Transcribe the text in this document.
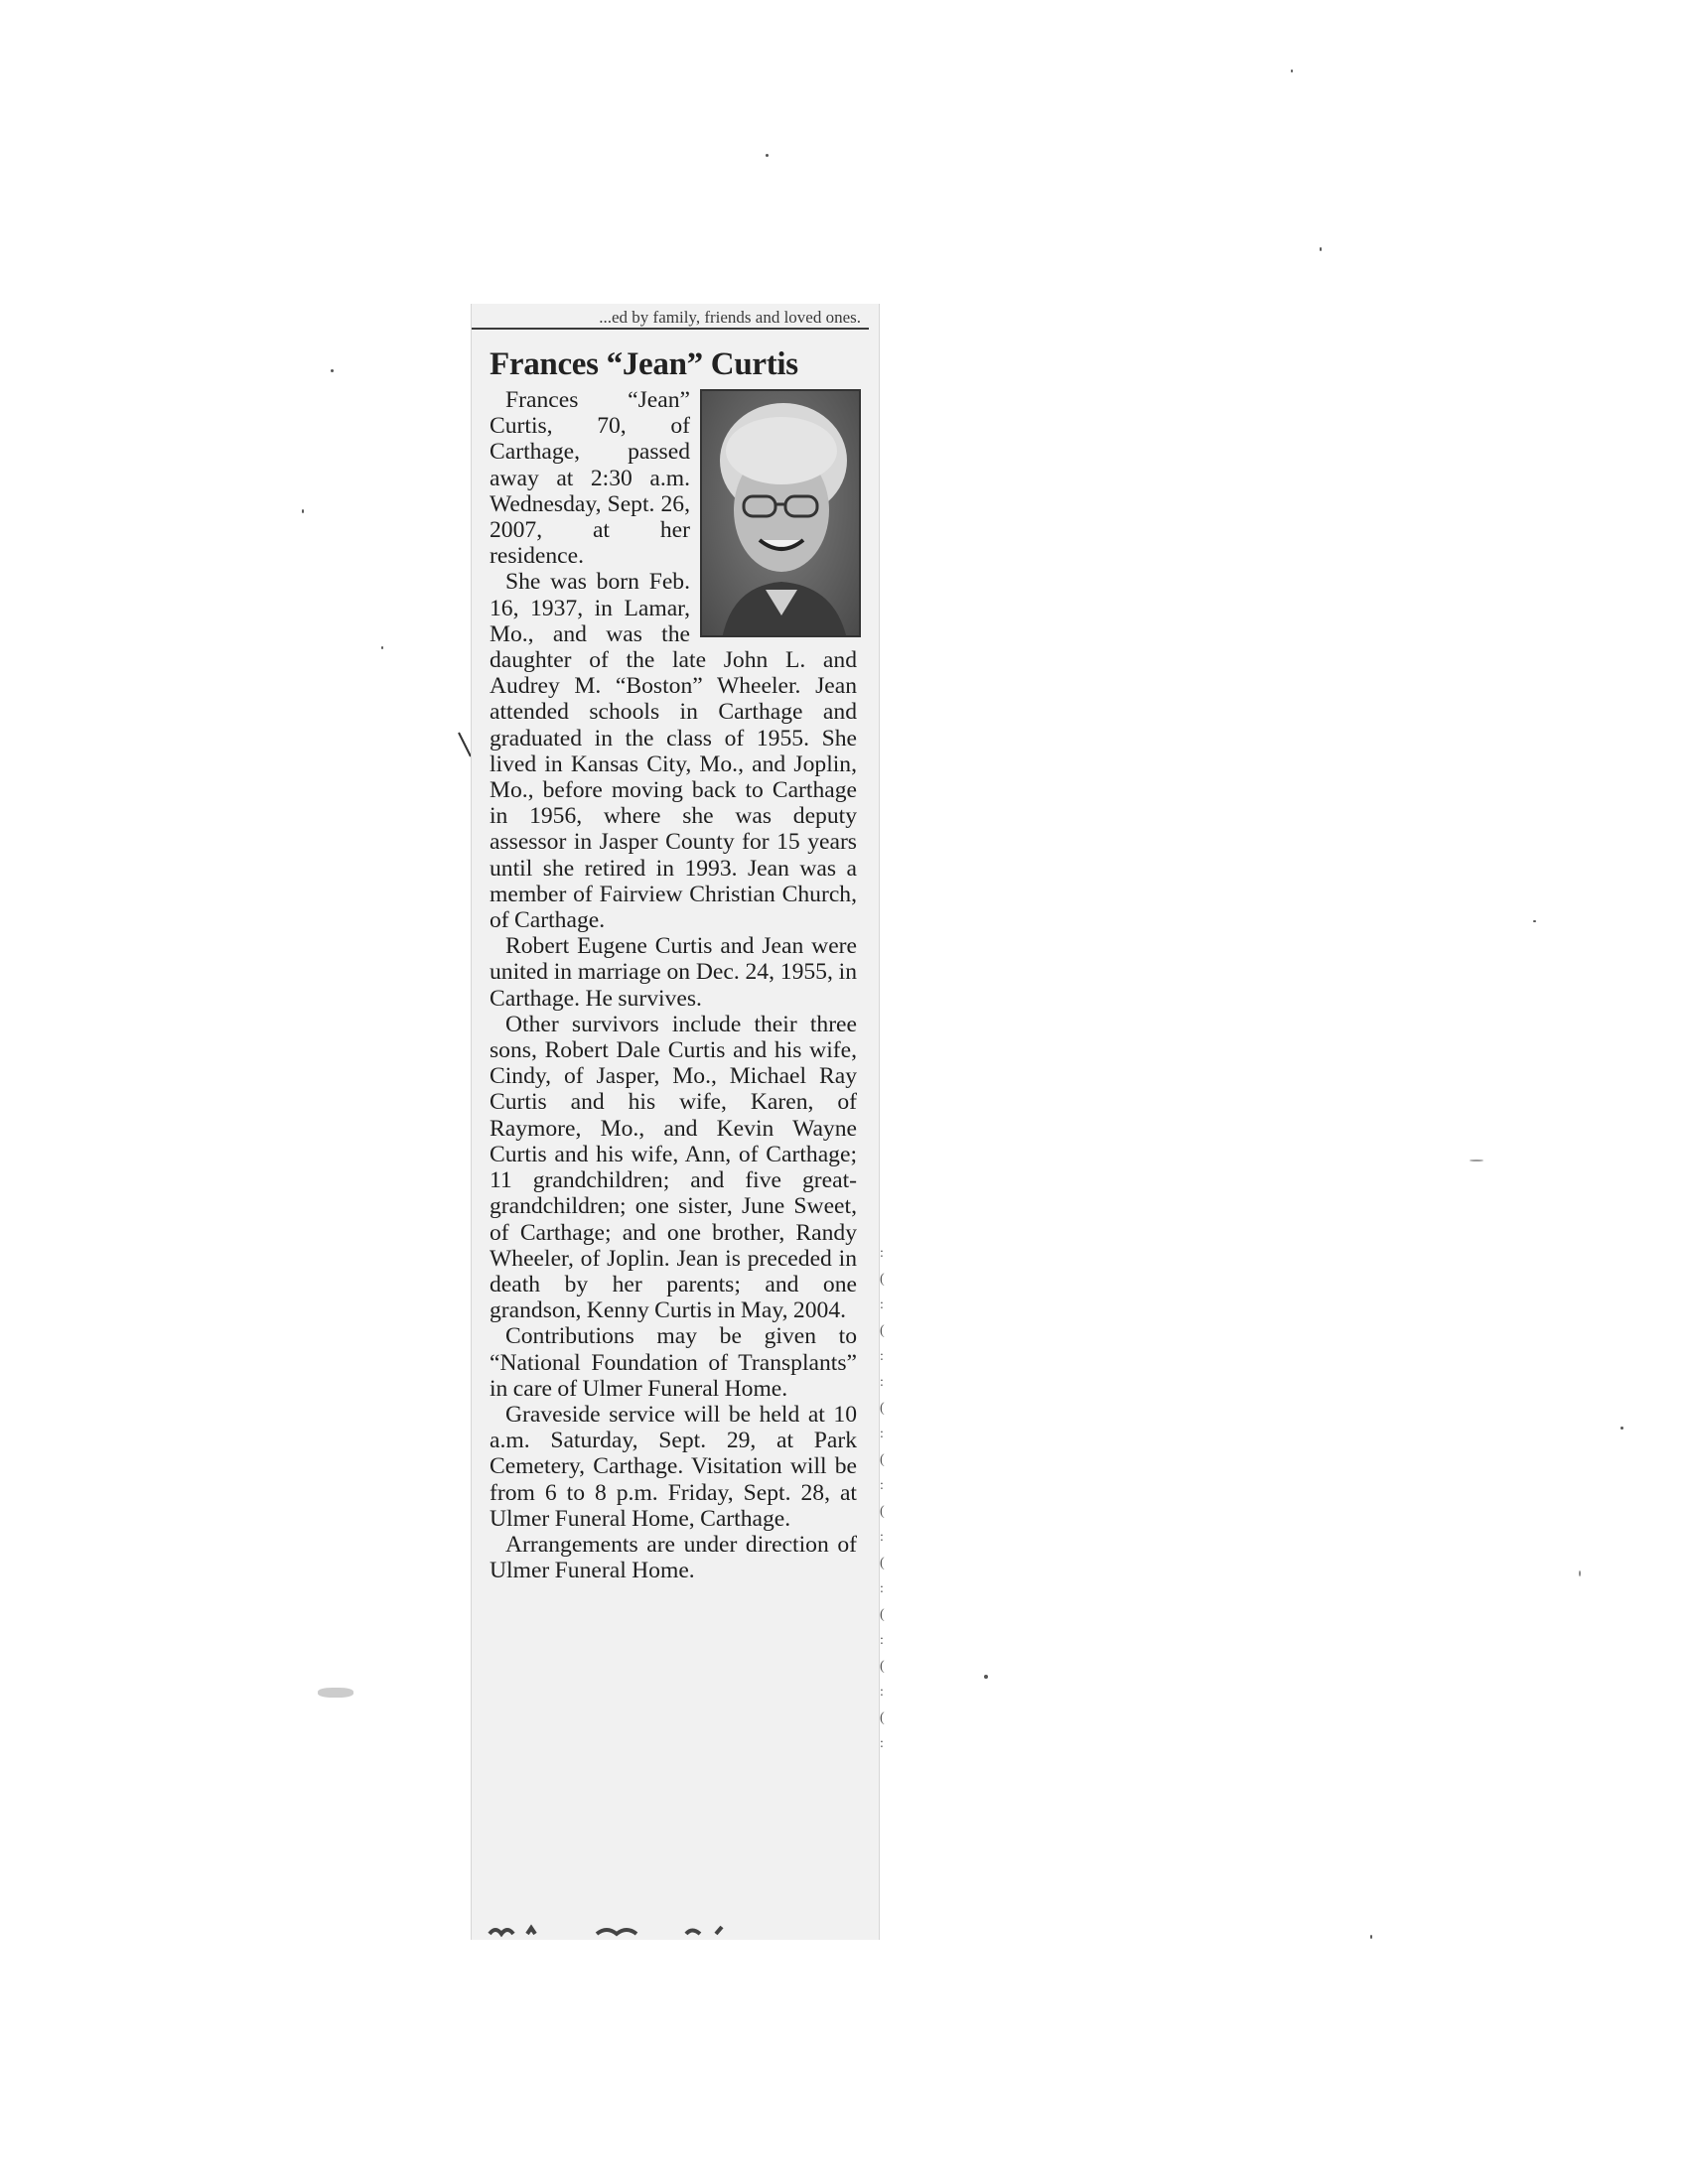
...ed by family, friends and loved ones.
Frances “Jean” Curtis

Frances “Jean” Curtis, 70, of Carthage, passed away at 2:30 a.m. Wednesday, Sept. 26, 2007, at her residence.

She was born Feb. 16, 1937, in Lamar, Mo., and was the daughter of the late John L. and Audrey M. “Boston” Wheeler. Jean attended schools in Carthage and graduated in the class of 1955. She lived in Kansas City, Mo., and Joplin, Mo., before moving back to Carthage in 1956, where she was deputy assessor in Jasper County for 15 years until she retired in 1993. Jean was a member of Fairview Christian Church, of Carthage.

Robert Eugene Curtis and Jean were united in marriage on Dec. 24, 1955, in Carthage. He survives.

Other survivors include their three sons, Robert Dale Curtis and his wife, Cindy, of Jasper, Mo., Michael Ray Curtis and his wife, Karen, of Raymore, Mo., and Kevin Wayne Curtis and his wife, Ann, of Carthage; 11 grandchildren; and five great-grandchildren; one sister, June Sweet, of Carthage; and one brother, Randy Wheeler, of Joplin. Jean is preceded in death by her parents; and one grandson, Kenny Curtis in May, 2004.

Contributions may be given to “National Foundation of Transplants” in care of Ulmer Funeral Home.

Graveside service will be held at 10 a.m. Saturday, Sept. 29, at Park Cemetery, Carthage. Visitation will be from 6 to 8 p.m. Friday, Sept. 28, at Ulmer Funeral Home, Carthage.

Arrangements are under direction of Ulmer Funeral Home.

:
(
:
(
:
:
(
:
(
:
(
:
(
:
(
:
(
:
(
:
